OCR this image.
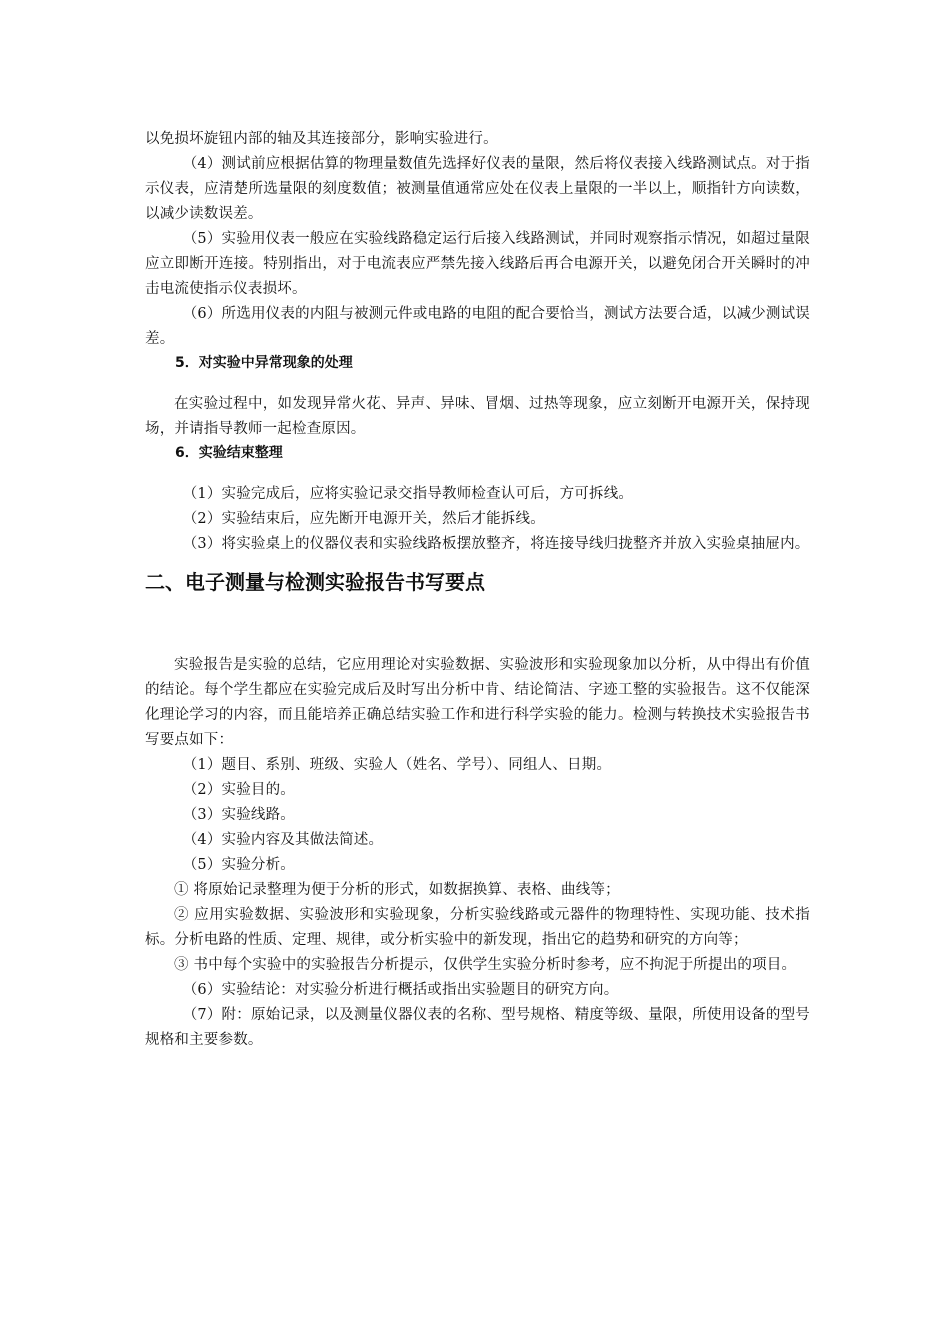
以免损坏旋钮内部的轴及其连接部分，影响实验进行。

（4）测试前应根据估算的物理量数值先选择好仪表的量限，然后将仪表接入线路测试点。对于指示仪表，应清楚所选量限的刻度数值；被测量值通常应处在仪表上量限的一半以上，顺指针方向读数，以减少读数误差。

（5）实验用仪表一般应在实验线路稳定运行后接入线路测试，并同时观察指示情况，如超过量限应立即断开连接。特别指出，对于电流表应严禁先接入线路后再合电源开关，以避免闭合开关瞬时的冲击电流使指示仪表损坏。

（6）所选用仪表的内阻与被测元件或电路的电阻的配合要恰当，测试方法要合适，以减少测试误差。

5．对实验中异常现象的处理

在实验过程中，如发现异常火花、异声、异味、冒烟、过热等现象，应立刻断开电源开关，保持现场，并请指导教师一起检查原因。

6．实验结束整理

（1）实验完成后，应将实验记录交指导教师检查认可后，方可拆线。

（2）实验结束后，应先断开电源开关，然后才能拆线。

（3）将实验桌上的仪器仪表和实验线路板摆放整齐，将连接导线归拢整齐并放入实验桌抽屉内。

二、电子测量与检测实验报告书写要点

实验报告是实验的总结，它应用理论对实验数据、实验波形和实验现象加以分析，从中得出有价值的结论。每个学生都应在实验完成后及时写出分析中肯、结论简洁、字迹工整的实验报告。这不仅能深化理论学习的内容，而且能培养正确总结实验工作和进行科学实验的能力。检测与转换技术实验报告书写要点如下：

（1）题目、系别、班级、实验人（姓名、学号）、同组人、日期。

（2）实验目的。

（3）实验线路。

（4）实验内容及其做法简述。

（5）实验分析。

① 将原始记录整理为便于分析的形式，如数据换算、表格、曲线等；

② 应用实验数据、实验波形和实验现象，分析实验线路或元器件的物理特性、实现功能、技术指标。分析电路的性质、定理、规律，或分析实验中的新发现，指出它的趋势和研究的方向等；

③ 书中每个实验中的实验报告分析提示，仅供学生实验分析时参考，应不拘泥于所提出的项目。

（6）实验结论：对实验分析进行概括或指出实验题目的研究方向。

（7）附：原始记录，以及测量仪器仪表的名称、型号规格、精度等级、量限，所使用设备的型号规格和主要参数。
